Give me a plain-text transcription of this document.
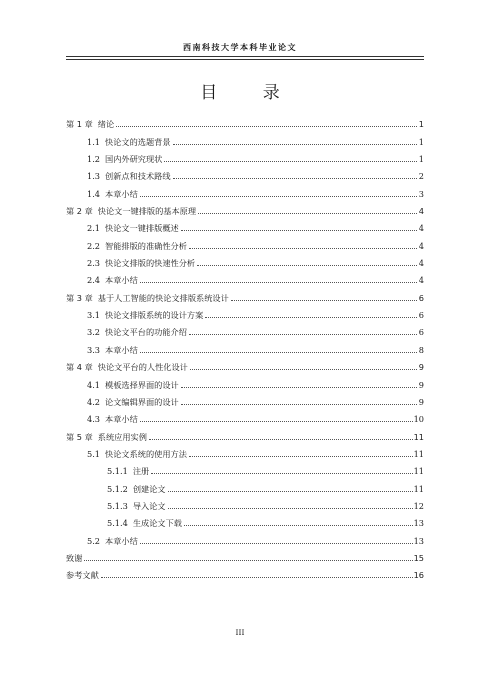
西南科技大学本科毕业论文
目 录
第 1 章 绪论	1
1.1 快论文的选题背景	1
1.2 国内外研究现状	1
1.3 创新点和技术路线	2
1.4 本章小结	3
第 2 章 快论文一键排版的基本原理	4
2.1 快论文一键排版概述	4
2.2 智能排版的准确性分析	4
2.3 快论文排版的快速性分析	4
2.4 本章小结	4
第 3 章 基于人工智能的快论文排版系统设计	6
3.1 快论文排版系统的设计方案	6
3.2 快论文平台的功能介绍	6
3.3 本章小结	8
第 4 章 快论文平台的人性化设计	9
4.1 模板选择界面的设计	9
4.2 论文编辑界面的设计	9
4.3 本章小结	10
第 5 章 系统应用实例	11
5.1 快论文系统的使用方法	11
5.1.1 注册	11
5.1.2 创建论文	11
5.1.3 导入论文	12
5.1.4 生成论文下载	13
5.2 本章小结	13
致谢	15
参考文献	16
III
